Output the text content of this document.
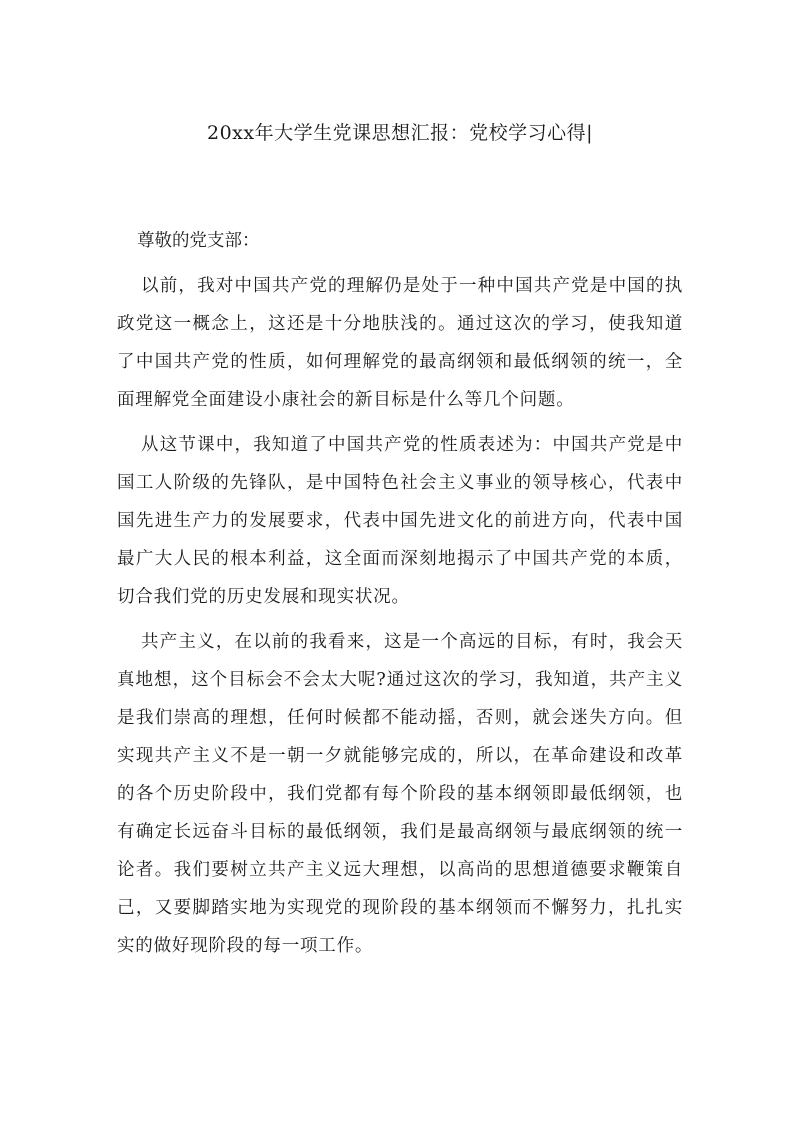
20xx年大学生党课思想汇报：党校学习心得|
尊敬的党支部：

以前，我对中国共产党的理解仍是处于一种中国共产党是中国的执政党这一概念上，这还是十分地肤浅的。通过这次的学习，使我知道了中国共产党的性质，如何理解党的最高纲领和最低纲领的统一，全面理解党全面建设小康社会的新目标是什么等几个问题。

从这节课中，我知道了中国共产党的性质表述为：中国共产党是中国工人阶级的先锋队，是中国特色社会主义事业的领导核心，代表中国先进生产力的发展要求，代表中国先进文化的前进方向，代表中国最广大人民的根本利益，这全面而深刻地揭示了中国共产党的本质，切合我们党的历史发展和现实状况。

共产主义，在以前的我看来，这是一个高远的目标，有时，我会天真地想，这个目标会不会太大呢?通过这次的学习，我知道，共产主义是我们崇高的理想，任何时候都不能动摇，否则，就会迷失方向。但实现共产主义不是一朝一夕就能够完成的，所以，在革命建设和改革的各个历史阶段中，我们党都有每个阶段的基本纲领即最低纲领，也有确定长远奋斗目标的最低纲领，我们是最高纲领与最底纲领的统一论者。我们要树立共产主义远大理想，以高尚的思想道德要求鞭策自己，又要脚踏实地为实现党的现阶段的基本纲领而不懈努力，扎扎实实的做好现阶段的每一项工作。
